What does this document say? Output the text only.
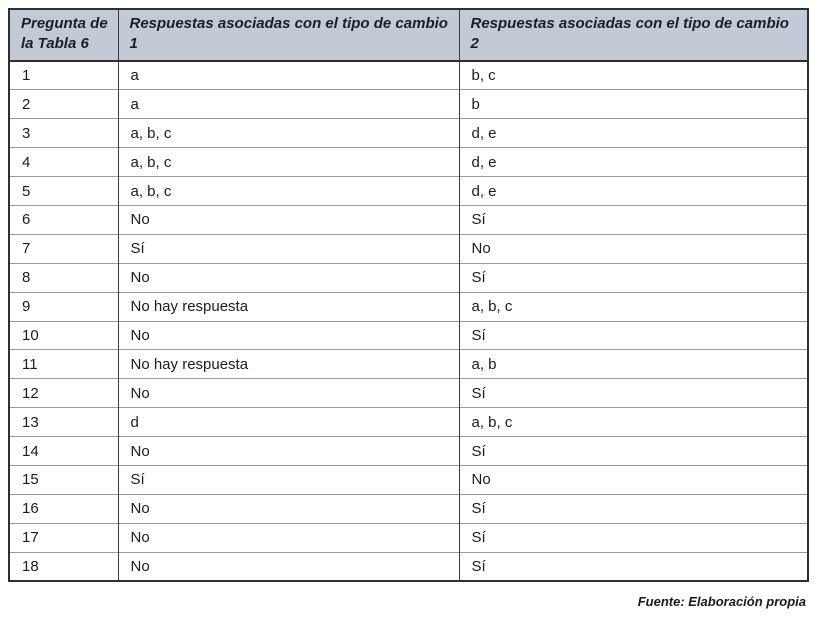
Pregunta de la Tabla 6	Respuestas asociadas con el tipo de cambio 1	Respuestas asociadas con el tipo de cambio 2
1	a	b, c
2	a	b
3	a, b, c	d, e
4	a, b, c	d, e
5	a, b, c	d, e
6	No	Sí
7	Sí	No
8	No	Sí
9	No hay respuesta	a, b, c
10	No	Sí
11	No hay respuesta	a, b
12	No	Sí
13	d	a, b, c
14	No	Sí
15	Sí	No
16	No	Sí
17	No	Sí
18	No	Sí
Fuente: Elaboración propia
